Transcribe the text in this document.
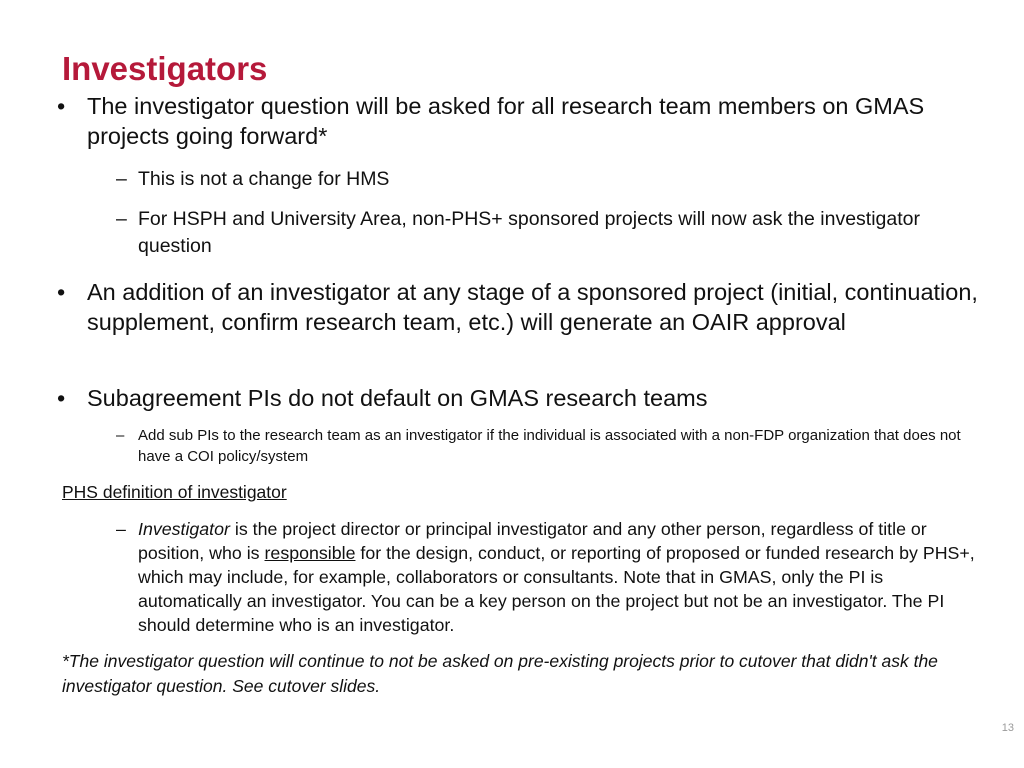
Investigators
• The investigator question will be asked for all research team members on GMAS projects going forward*
– This is not a change for HMS
– For HSPH and University Area, non-PHS+ sponsored projects will now ask the investigator question
• An addition of an investigator at any stage of a sponsored project (initial, continuation, supplement, confirm research team, etc.) will generate an OAIR approval
• Subagreement PIs do not default on GMAS research teams
– Add sub PIs to the research team as an investigator if the individual is associated with a non-FDP organization that does not have a COI policy/system
PHS definition of investigator
– Investigator is the project director or principal investigator and any other person, regardless of title or position, who is responsible for the design, conduct, or reporting of proposed or funded research by PHS+, which may include, for example, collaborators or consultants. Note that in GMAS, only the PI is automatically an investigator. You can be a key person on the project but not be an investigator. The PI should determine who is an investigator.
*The investigator question will continue to not be asked on pre-existing projects prior to cutover that didn't ask the investigator question. See cutover slides.
13
